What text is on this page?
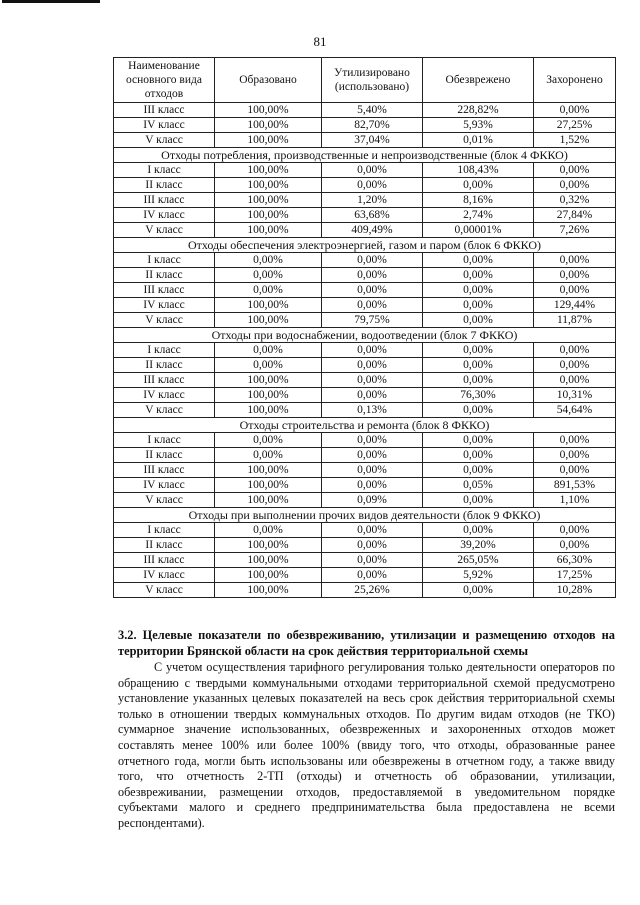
81
Наименование основного вида отходов	Образовано	Утилизировано (использовано)	Обезврежено	Захоронено
III класс	100,00%	5,40%	228,82%	0,00%
IV класс	100,00%	82,70%	5,93%	27,25%
V класс	100,00%	37,04%	0,01%	1,52%
Отходы потребления, производственные и непроизводственные (блок 4 ФККО)				
I класс	100,00%	0,00%	108,43%	0,00%
II класс	100,00%	0,00%	0,00%	0,00%
III класс	100,00%	1,20%	8,16%	0,32%
IV класс	100,00%	63,68%	2,74%	27,84%
V класс	100,00%	409,49%	0,00001%	7,26%
Отходы обеспечения электроэнергией, газом и паром (блок 6 ФККО)				
I класс	0,00%	0,00%	0,00%	0,00%
II класс	0,00%	0,00%	0,00%	0,00%
III класс	0,00%	0,00%	0,00%	0,00%
IV класс	100,00%	0,00%	0,00%	129,44%
V класс	100,00%	79,75%	0,00%	11,87%
Отходы при водоснабжении, водоотведении (блок 7 ФККО)				
I класс	0,00%	0,00%	0,00%	0,00%
II класс	0,00%	0,00%	0,00%	0,00%
III класс	100,00%	0,00%	0,00%	0,00%
IV класс	100,00%	0,00%	76,30%	10,31%
V класс	100,00%	0,13%	0,00%	54,64%
Отходы строительства и ремонта (блок 8 ФККО)				
I класс	0,00%	0,00%	0,00%	0,00%
II класс	0,00%	0,00%	0,00%	0,00%
III класс	100,00%	0,00%	0,00%	0,00%
IV класс	100,00%	0,00%	0,05%	891,53%
V класс	100,00%	0,09%	0,00%	1,10%
Отходы при выполнении прочих видов деятельности (блок 9 ФККО)				
I класс	0,00%	0,00%	0,00%	0,00%
II класс	100,00%	0,00%	39,20%	0,00%
III класс	100,00%	0,00%	265,05%	66,30%
IV класс	100,00%	0,00%	5,92%	17,25%
V класс	100,00%	25,26%	0,00%	10,28%
3.2. Целевые показатели по обезвреживанию, утилизации и размещению отходов на территории Брянской области на срок действия территориальной схемы

С учетом осуществления тарифного регулирования только деятельности операторов по обращению с твердыми коммунальными отходами территориальной схемой предусмотрено установление указанных целевых показателей на весь срок действия территориальной схемы только в отношении твердых коммунальных отходов. По другим видам отходов (не ТКО) суммарное значение использованных, обезвреженных и захороненных отходов может составлять менее 100% или более 100% (ввиду того, что отходы, образованные ранее отчетного года, могли быть использованы или обезврежены в отчетном году, а также ввиду того, что отчетность 2-ТП (отходы) и отчетность об образовании, утилизации, обезвреживании, размещении отходов, предоставляемой в уведомительном порядке субъектами малого и среднего предпринимательства была предоставлена не всеми респондентами).
